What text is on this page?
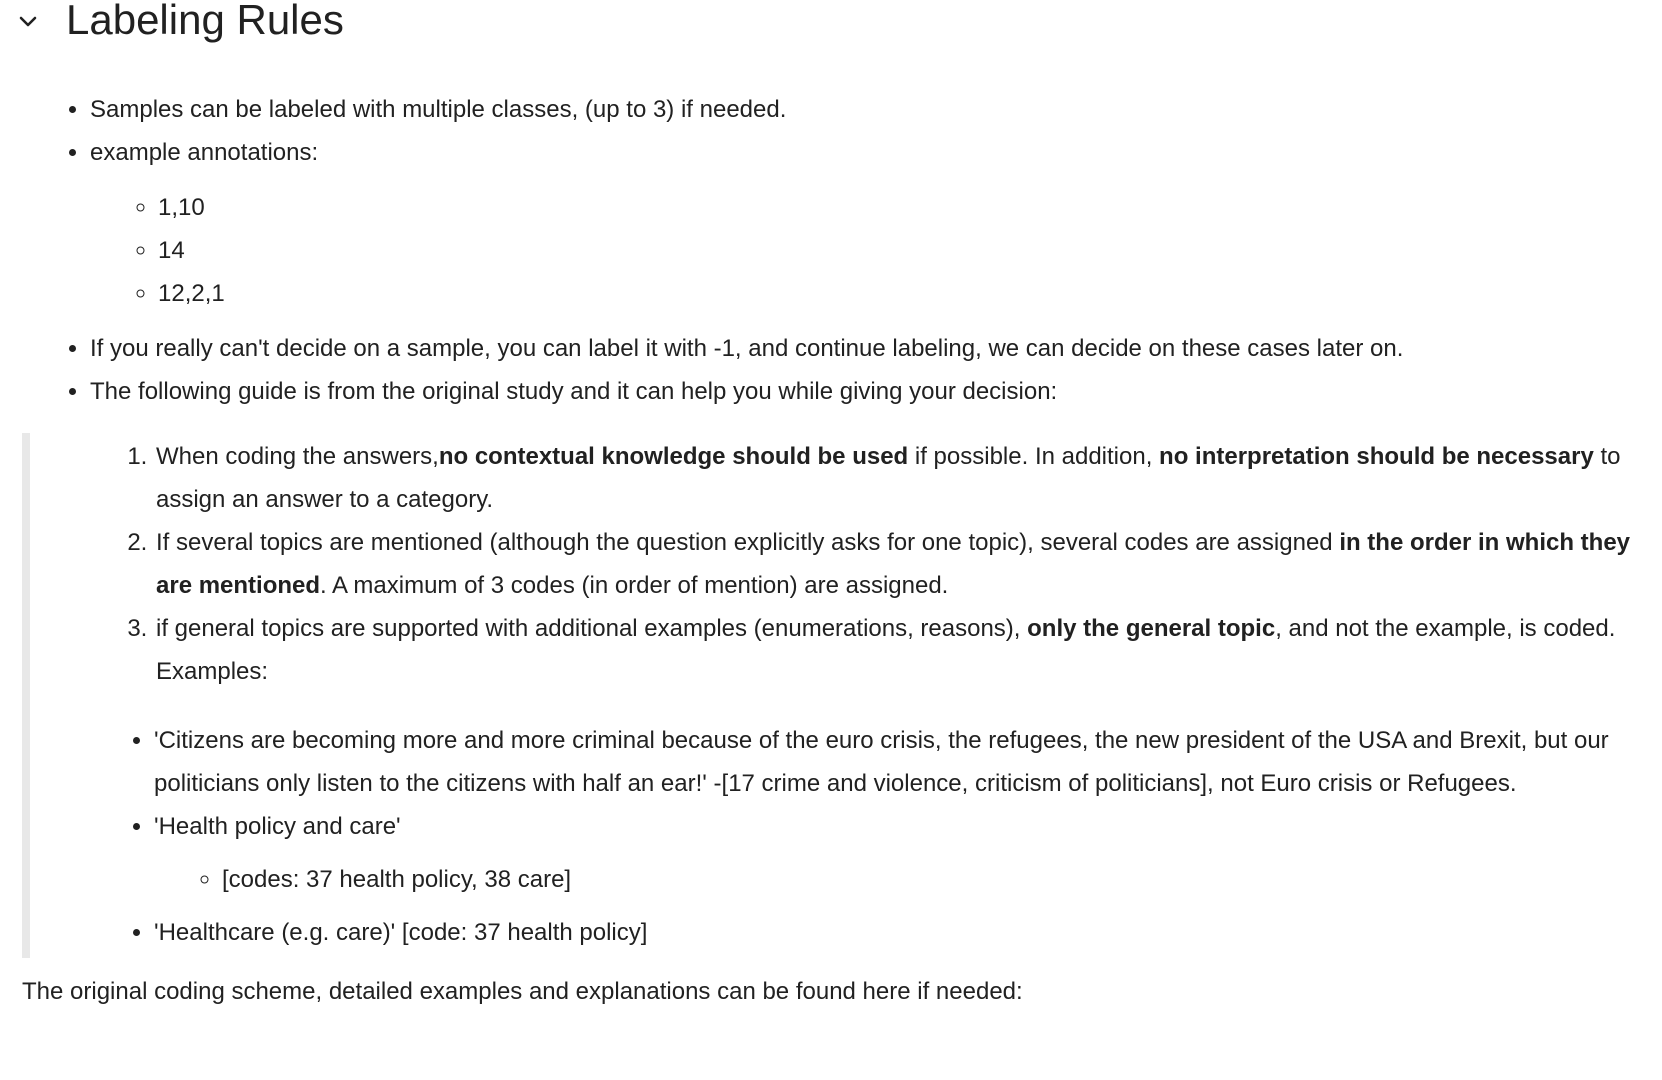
Labeling Rules
• Samples can be labeled with multiple classes, (up to 3) if needed.
• example annotations:
◦ 1,10
◦ 14
◦ 12,2,1
• If you really can't decide on a sample, you can label it with -1, and continue labeling, we can decide on these cases later on.
• The following guide is from the original study and it can help you while giving your decision:
1. When coding the answers,no contextual knowledge should be used if possible. In addition, no interpretation should be necessary to assign an answer to a category.
2. If several topics are mentioned (although the question explicitly asks for one topic), several codes are assigned in the order in which they are mentioned. A maximum of 3 codes (in order of mention) are assigned.
3. if general topics are supported with additional examples (enumerations, reasons), only the general topic, and not the example, is coded. Examples:
• 'Citizens are becoming more and more criminal because of the euro crisis, the refugees, the new president of the USA and Brexit, but our politicians only listen to the citizens with half an ear!' -[17 crime and violence, criticism of politicians], not Euro crisis or Refugees.
• 'Health policy and care'
◦ [codes: 37 health policy, 38 care]
• 'Healthcare (e.g. care)' [code: 37 health policy]

The original coding scheme, detailed examples and explanations can be found here if needed:
